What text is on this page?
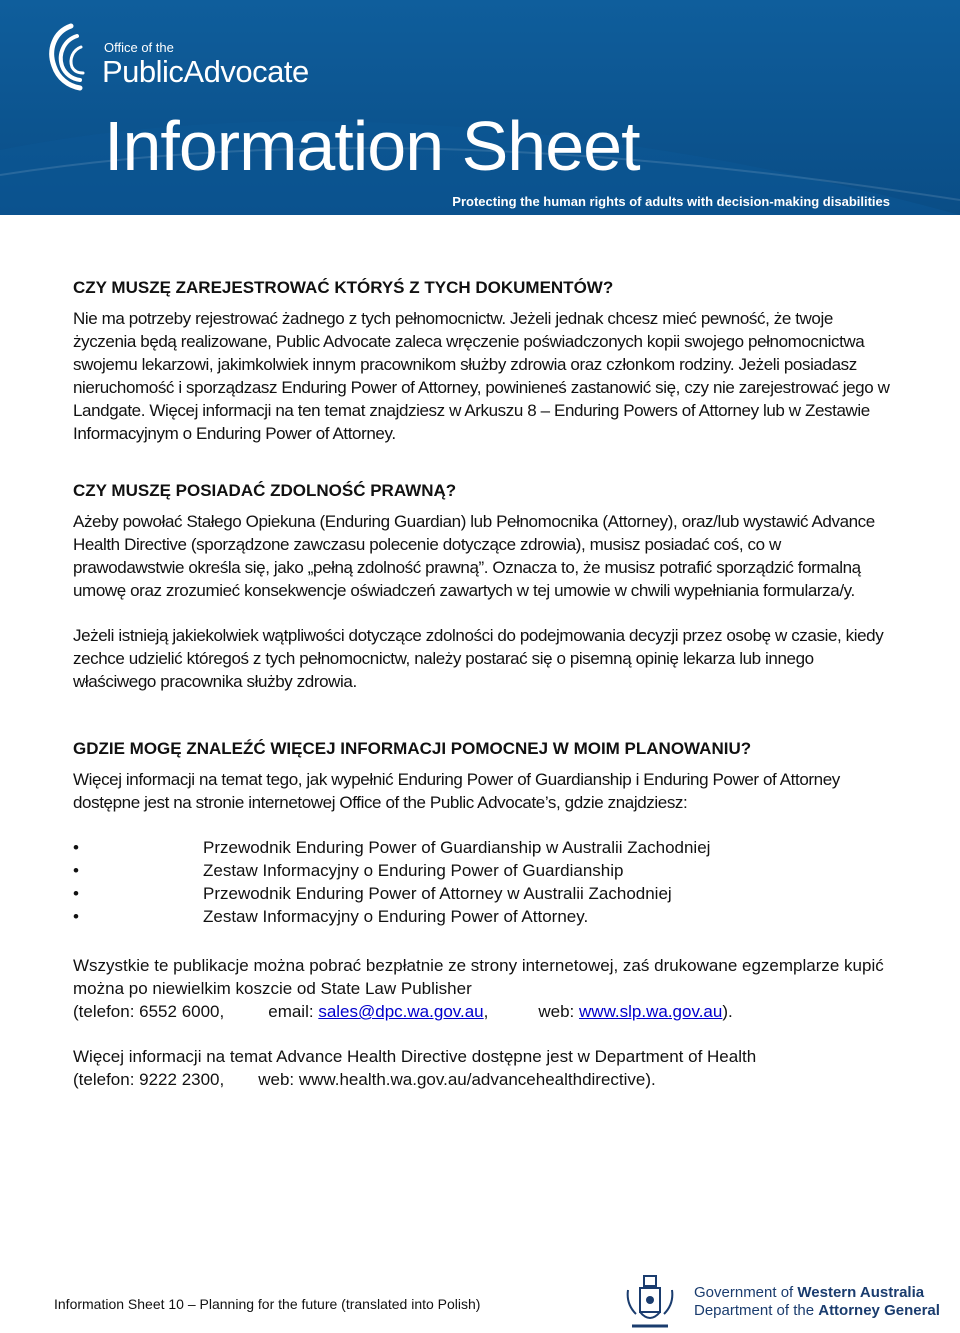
Office of the
PublicAdvocate
Information Sheet
Protecting the human rights of adults with decision-making disabilities
CZY MUSZĘ ZAREJESTROWAĆ KTÓRYŚ Z TYCH DOKUMENTÓW?

Nie ma potrzeby rejestrować żadnego z tych pełnomocnictw. Jeżeli jednak chcesz mieć pewność, że twoje życzenia będą realizowane, Public Advocate zaleca wręczenie poświadczonych kopii swojego pełnomocnictwa swojemu lekarzowi, jakimkolwiek innym pracownikom służby zdrowia oraz członkom rodziny. Jeżeli posiadasz nieruchomość i sporządzasz Enduring Power of Attorney, powinieneś zastanowić się, czy nie zarejestrować jego w Landgate. Więcej informacji na ten temat znajdziesz w Arkuszu 8 – Enduring Powers of Attorney lub w Zestawie Informacyjnym o Enduring Power of Attorney.

CZY MUSZĘ POSIADAĆ ZDOLNOŚĆ PRAWNĄ?

Ażeby powołać Stałego Opiekuna (Enduring Guardian) lub Pełnomocnika (Attorney), oraz/lub wystawić Advance Health Directive (sporządzone zawczasu polecenie dotyczące zdrowia), musisz posiadać coś, co w prawodawstwie określa się, jako „pełną zdolność prawną”. Oznacza to, że musisz potrafić sporządzić formalną umowę oraz zrozumieć konsekwencje oświadczeń zawartych w tej umowie w chwili wypełniania formularza/y.

Jeżeli istnieją jakiekolwiek wątpliwości dotyczące zdolności do podejmowania decyzji przez osobę w czasie, kiedy zechce udzielić któregoś z tych pełnomocnictw, należy postarać się o pisemną opinię lekarza lub innego właściwego pracownika służby zdrowia.

GDZIE MOGĘ ZNALEŹĆ WIĘCEJ INFORMACJI POMOCNEJ W MOIM PLANOWANIU?

Więcej informacji na temat tego, jak wypełnić Enduring Power of Guardianship i Enduring Power of Attorney dostępne jest na stronie internetowej Office of the Public Advocate’s, gdzie znajdziesz:

• Przewodnik Enduring Power of Guardianship w Australii Zachodniej
• Zestaw Informacyjny o Enduring Power of Guardianship
• Przewodnik Enduring Power of Attorney w Australii Zachodniej
• Zestaw Informacyjny o Enduring Power of Attorney.

Wszystkie te publikacje można pobrać bezpłatnie ze strony internetowej, zaś drukowane egzemplarze kupić można po niewielkim koszcie od State Law Publisher
(telefon: 6552 6000,	email: sales@dpc.wa.gov.au,	web: www.slp.wa.gov.au).

Więcej informacji na temat Advance Health Directive dostępne jest w Department of Health
(telefon: 9222 2300, web: www.health.wa.gov.au/advancehealthdirective).

Information Sheet 10 – Planning for the future (translated into Polish)
Government of Western Australia
Department of the Attorney General
